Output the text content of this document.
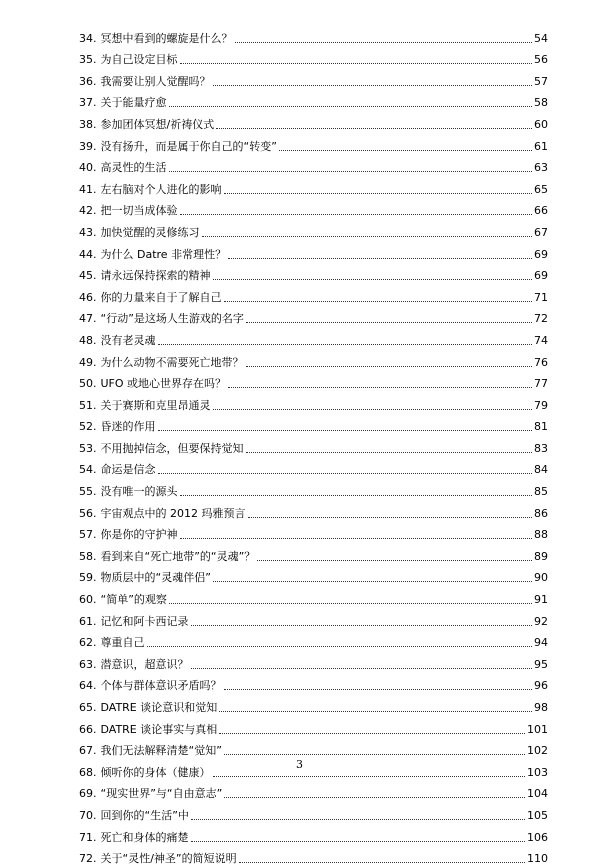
34. 冥想中看到的螺旋是什么？	54
35. 为自己设定目标	56
36. 我需要让别人觉醒吗？	57
37. 关于能量疗愈	58
38. 参加团体冥想/祈祷仪式	60
39. 没有扬升，而是属于你自己的“转变”	61
40. 高灵性的生活	63
41. 左右脑对个人进化的影响	65
42. 把一切当成体验	66
43. 加快觉醒的灵修练习	67
44. 为什么 Datre 非常理性？	69
45. 请永远保持探索的精神	69
46. 你的力量来自于了解自己	71
47. “行动”是这场人生游戏的名字	72
48. 没有老灵魂	74
49. 为什么动物不需要死亡地带？	76
50. UFO 或地心世界存在吗？	77
51. 关于赛斯和克里昂通灵	79
52. 昏迷的作用	81
53. 不用抛掉信念，但要保持觉知	83
54. 命运是信念	84
55. 没有唯一的源头	85
56. 宇宙观点中的 2012 玛雅预言	86
57. 你是你的守护神	88
58. 看到来自“死亡地带”的“灵魂”？	89
59. 物质层中的“灵魂伴侣”	90
60. “简单”的观察	91
61. 记忆和阿卡西记录	92
62. 尊重自己	94
63. 潜意识，超意识？	95
64. 个体与群体意识矛盾吗？	96
65. DATRE 谈论意识和觉知	98
66. DATRE 谈论事实与真相	101
67. 我们无法解释清楚“觉知”	102
68. 倾听你的身体（健康）	103
69. “现实世界”与“自由意志”	104
70. 回到你的“生活”中	105
71. 死亡和身体的痛楚	106
72. 关于“灵性/神圣”的简短说明	110
3
